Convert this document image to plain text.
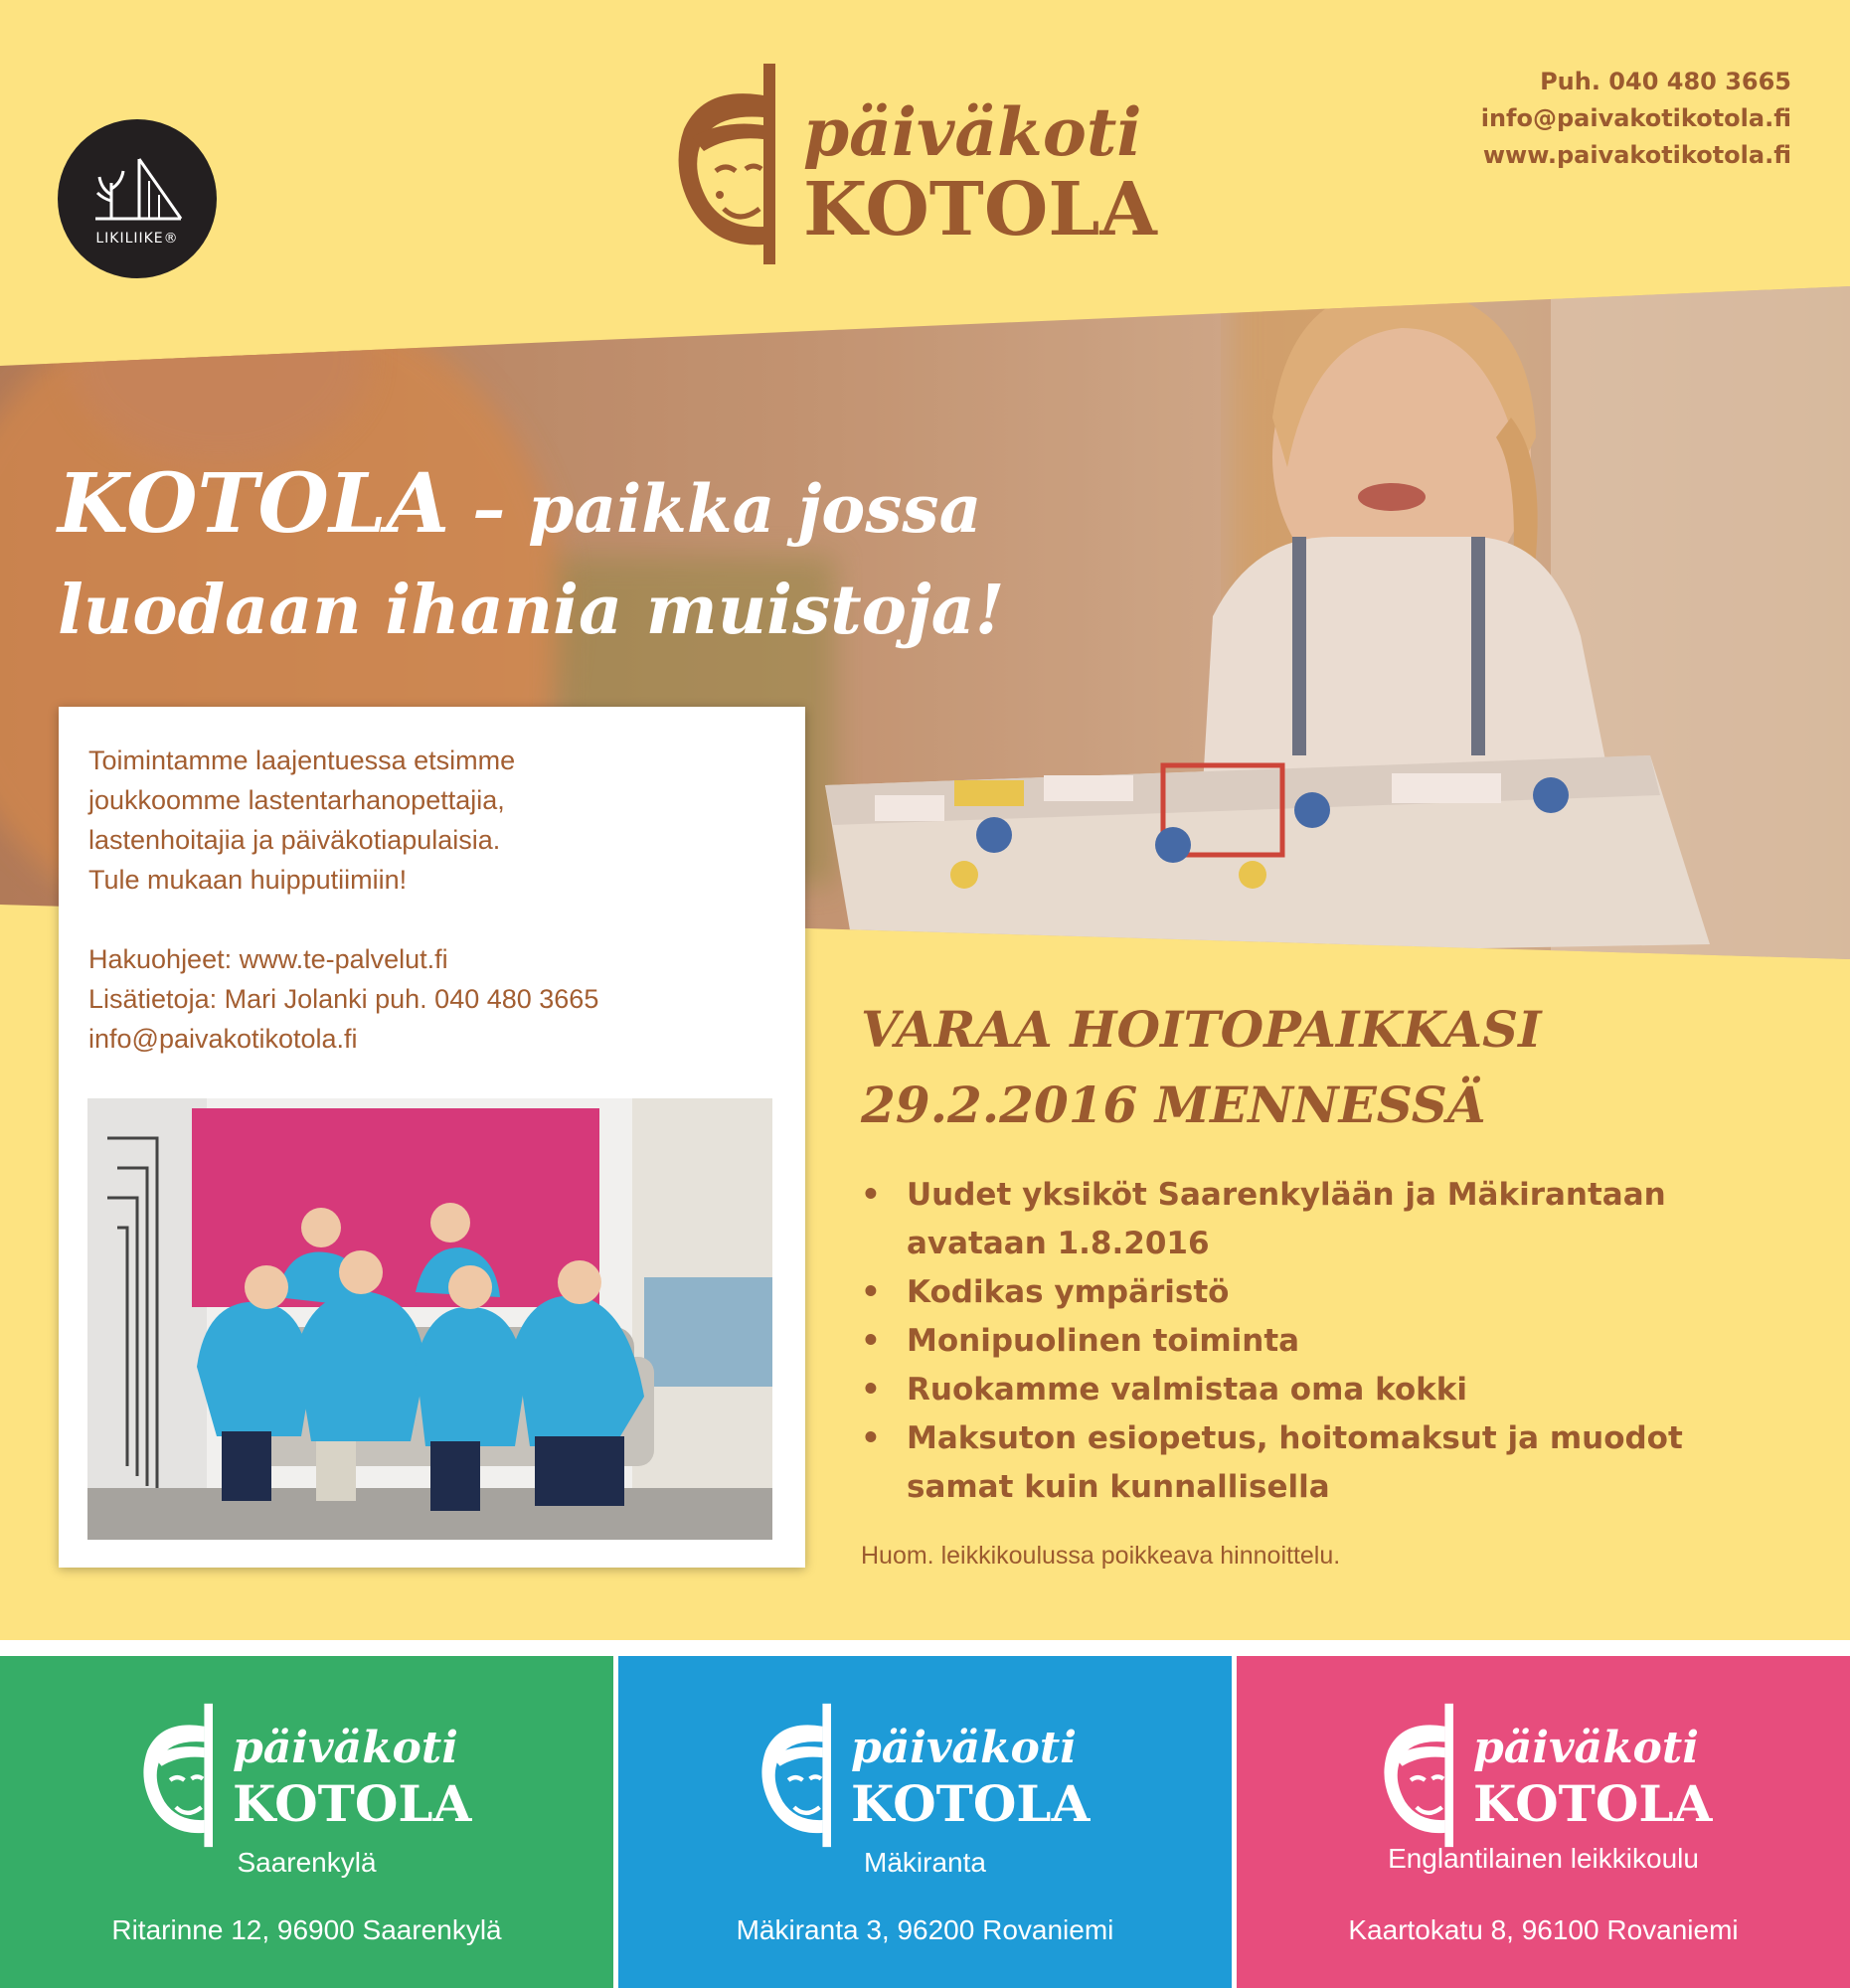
LIKILIIKE®
päiväkoti
KOTOLA
Puh. 040 480 3665
info@paivakotikotola.fi
www.paivakotikotola.fi
KOTOLA – paikka jossa
luodaan ihania muistoja!
Toimintamme laajentuessa etsimme
joukkoomme lastentarhanopettajia,
lastenhoitajia ja päiväkotiapulaisia.
Tule mukaan huipputiimiin!
Hakuohjeet: www.te-palvelut.fi
Lisätietoja: Mari Jolanki puh. 040 480 3665
info@paivakotikotola.fi	VARAA HOITOPAIKKASI
29.2.2016 MENNESSÄ
• Uudet yksiköt Saarenkylään ja Mäkirantaan avataan 1.8.2016
• Kodikas ympäristö
• Monipuolinen toiminta
• Ruokamme valmistaa oma kokki
• Maksuton esiopetus, hoitomaksut ja muodot samat kuin kunnallisella
Huom. leikkikoulussa poikkeava hinnoittelu.
päiväkoti
KOTOLA
Saarenkylä
Ritarinne 12, 96900 Saarenkylä
päiväkoti
KOTOLA
Mäkiranta
Mäkiranta 3, 96200 Rovaniemi
päiväkoti
KOTOLA
Englantilainen leikkikoulu
Kaartokatu 8, 96100 Rovaniemi
